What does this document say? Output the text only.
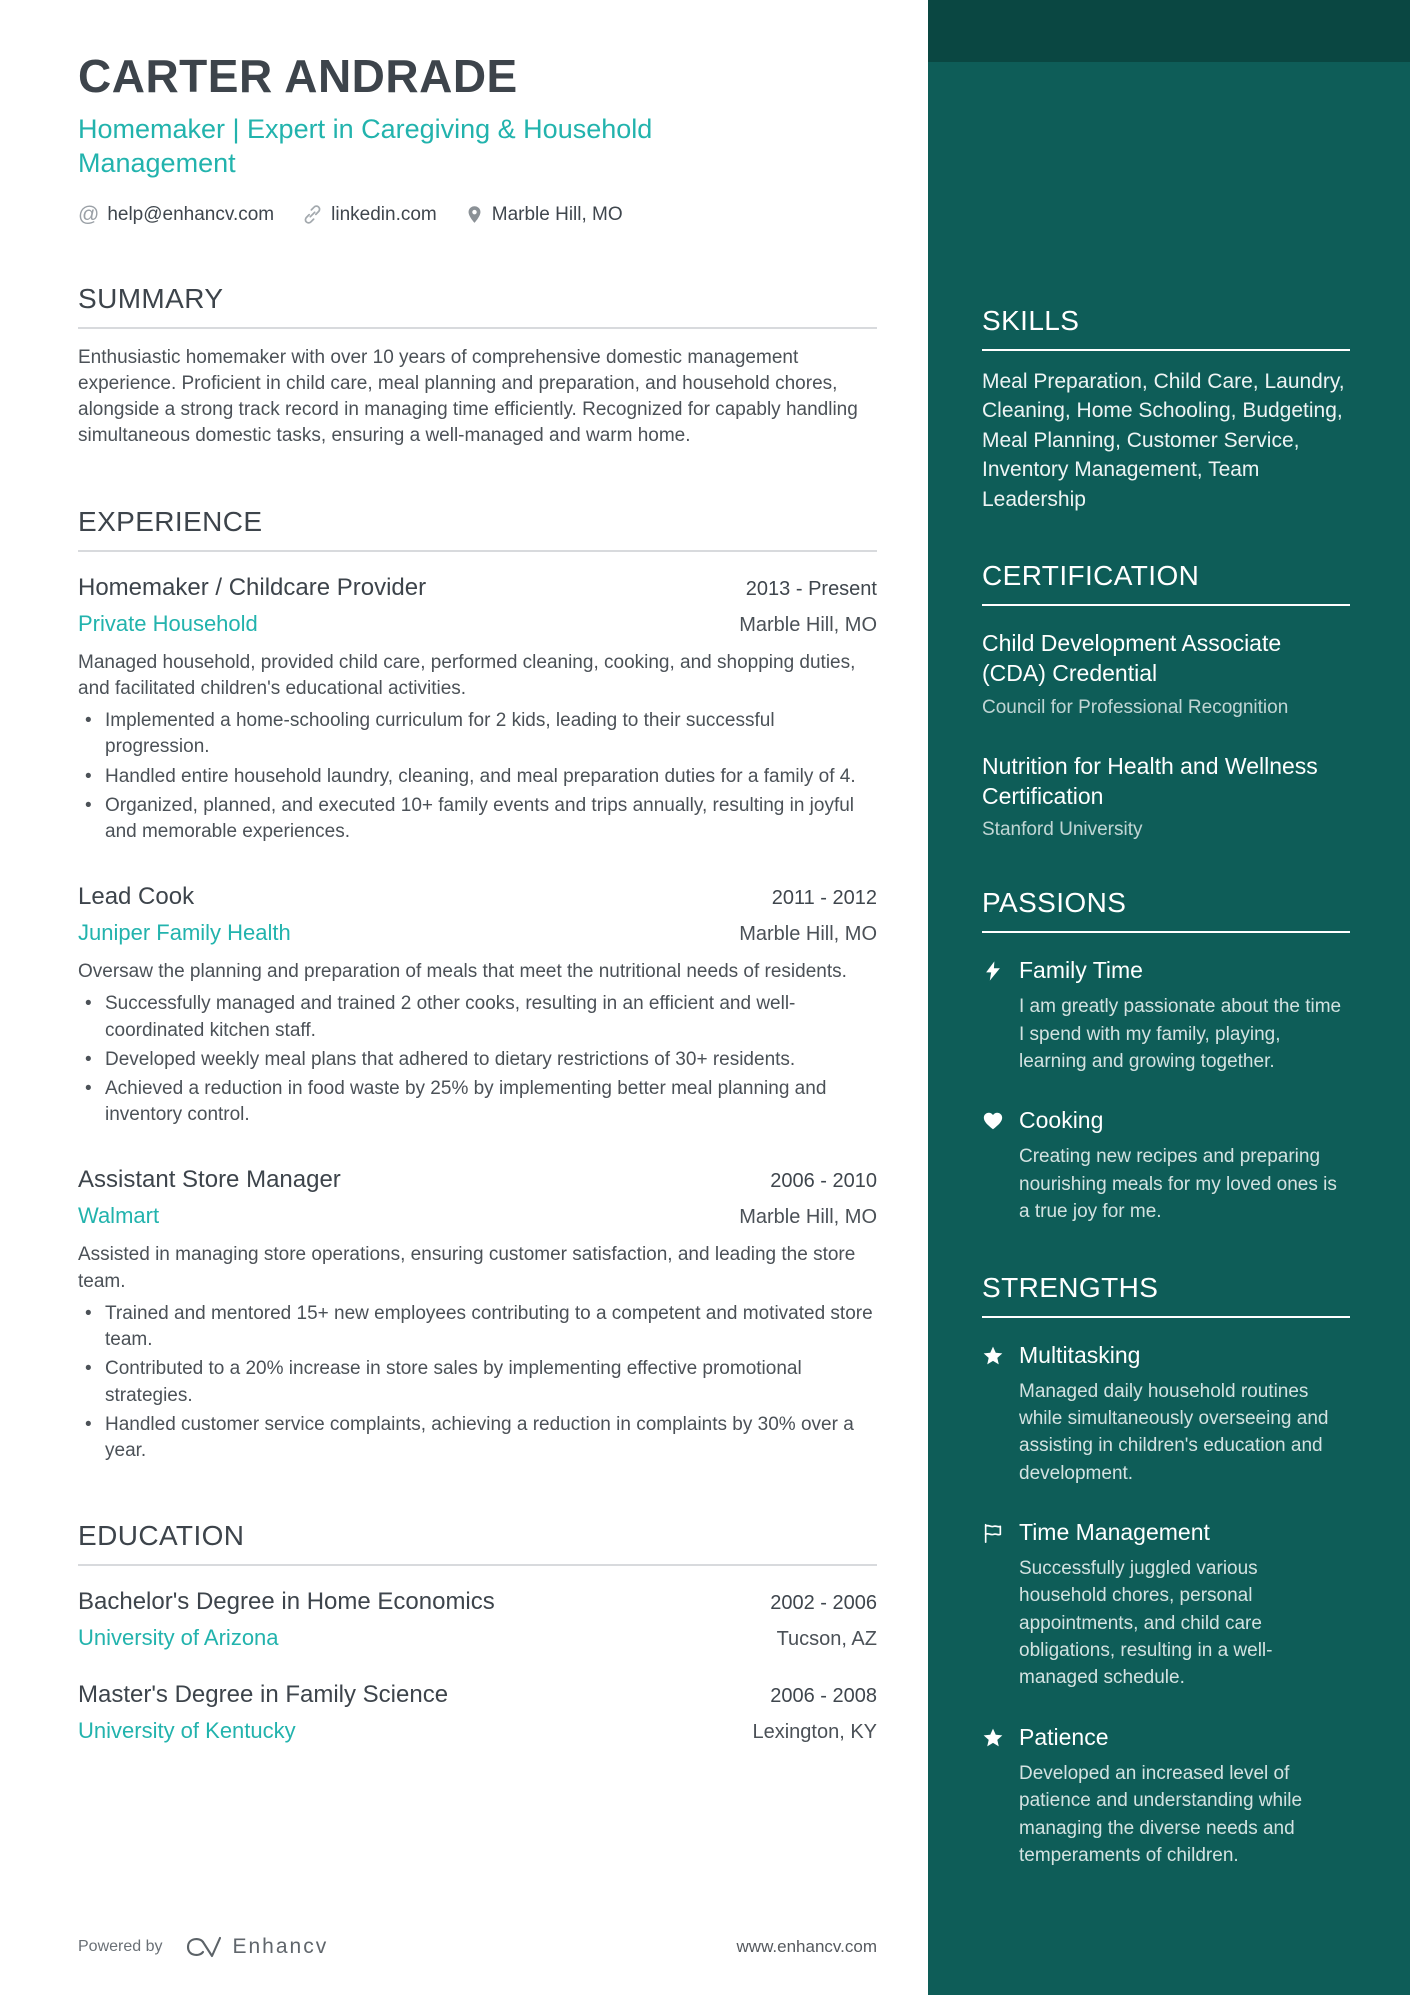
CARTER ANDRADE
Homemaker | Expert in Caregiving & Household Management
@ help@enhancv.com	linkedin.com	Marble Hill, MO
SUMMARY
Enthusiastic homemaker with over 10 years of comprehensive domestic management experience. Proficient in child care, meal planning and preparation, and household chores, alongside a strong track record in managing time efficiently. Recognized for capably handling simultaneous domestic tasks, ensuring a well-managed and warm home.
EXPERIENCE
Homemaker / Childcare Provider	2013 - Present
Private Household	Marble Hill, MO
Managed household, provided child care, performed cleaning, cooking, and shopping duties, and facilitated children's educational activities.
• Implemented a home-schooling curriculum for 2 kids, leading to their successful progression.
• Handled entire household laundry, cleaning, and meal preparation duties for a family of 4.
• Organized, planned, and executed 10+ family events and trips annually, resulting in joyful and memorable experiences.
Lead Cook	2011 - 2012
Juniper Family Health	Marble Hill, MO
Oversaw the planning and preparation of meals that meet the nutritional needs of residents.
• Successfully managed and trained 2 other cooks, resulting in an efficient and well-coordinated kitchen staff.
• Developed weekly meal plans that adhered to dietary restrictions of 30+ residents.
• Achieved a reduction in food waste by 25% by implementing better meal planning and inventory control.
Assistant Store Manager	2006 - 2010
Walmart	Marble Hill, MO
Assisted in managing store operations, ensuring customer satisfaction, and leading the store team.
• Trained and mentored 15+ new employees contributing to a competent and motivated store team.
• Contributed to a 20% increase in store sales by implementing effective promotional strategies.
• Handled customer service complaints, achieving a reduction in complaints by 30% over a year.
EDUCATION
Bachelor's Degree in Home Economics	2002 - 2006
University of Arizona	Tucson, AZ
Master's Degree in Family Science	2006 - 2008
University of Kentucky	Lexington, KY
Powered by	Enhancv	www.enhancv.com
SKILLS
Meal Preparation, Child Care, Laundry, Cleaning, Home Schooling, Budgeting, Meal Planning, Customer Service, Inventory Management, Team Leadership
CERTIFICATION
Child Development Associate (CDA) Credential
Council for Professional Recognition
Nutrition for Health and Wellness Certification
Stanford University
PASSIONS
Family Time
I am greatly passionate about the time I spend with my family, playing, learning and growing together.
Cooking
Creating new recipes and preparing nourishing meals for my loved ones is a true joy for me.
STRENGTHS
Multitasking
Managed daily household routines while simultaneously overseeing and assisting in children's education and development.
Time Management
Successfully juggled various household chores, personal appointments, and child care obligations, resulting in a well-managed schedule.
Patience
Developed an increased level of patience and understanding while managing the diverse needs and temperaments of children.
